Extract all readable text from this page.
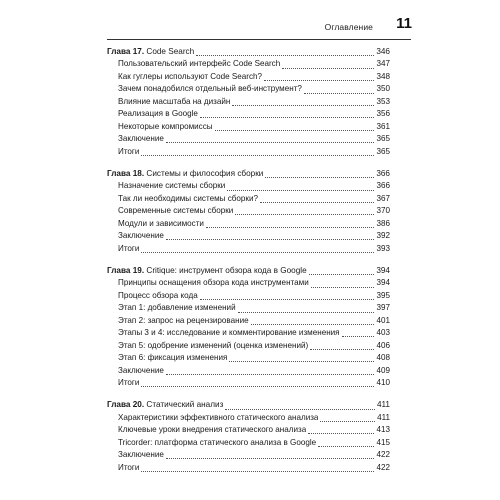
Оглавление 11
Глава 17. Code Search	346
Пользовательский интерфейс Code Search	347
Как гуглеры используют Code Search?	348
Зачем понадобился отдельный веб-инструмент?	350
Влияние масштаба на дизайн	353
Реализация в Google	356
Некоторые компромиссы	361
Заключение	365
Итоги	365
Глава 18. Системы и философия сборки	366
Назначение системы сборки	366
Так ли необходимы системы сборки?	367
Современные системы сборки	370
Модули и зависимости	386
Заключение	392
Итоги	393
Глава 19. Critique: инструмент обзора кода в Google	394
Принципы оснащения обзора кода инструментами	394
Процесс обзора кода	395
Этап 1: добавление изменений	397
Этап 2: запрос на рецензирование	401
Этапы 3 и 4: исследование и комментирование изменения	403
Этап 5: одобрение изменений (оценка изменений)	406
Этап 6: фиксация изменения	408
Заключение	409
Итоги	410
Глава 20. Статический анализ	411
Характеристики эффективного статического анализа	411
Ключевые уроки внедрения статического анализа	413
Tricorder: платформа статического анализа в Google	415
Заключение	422
Итоги	422
